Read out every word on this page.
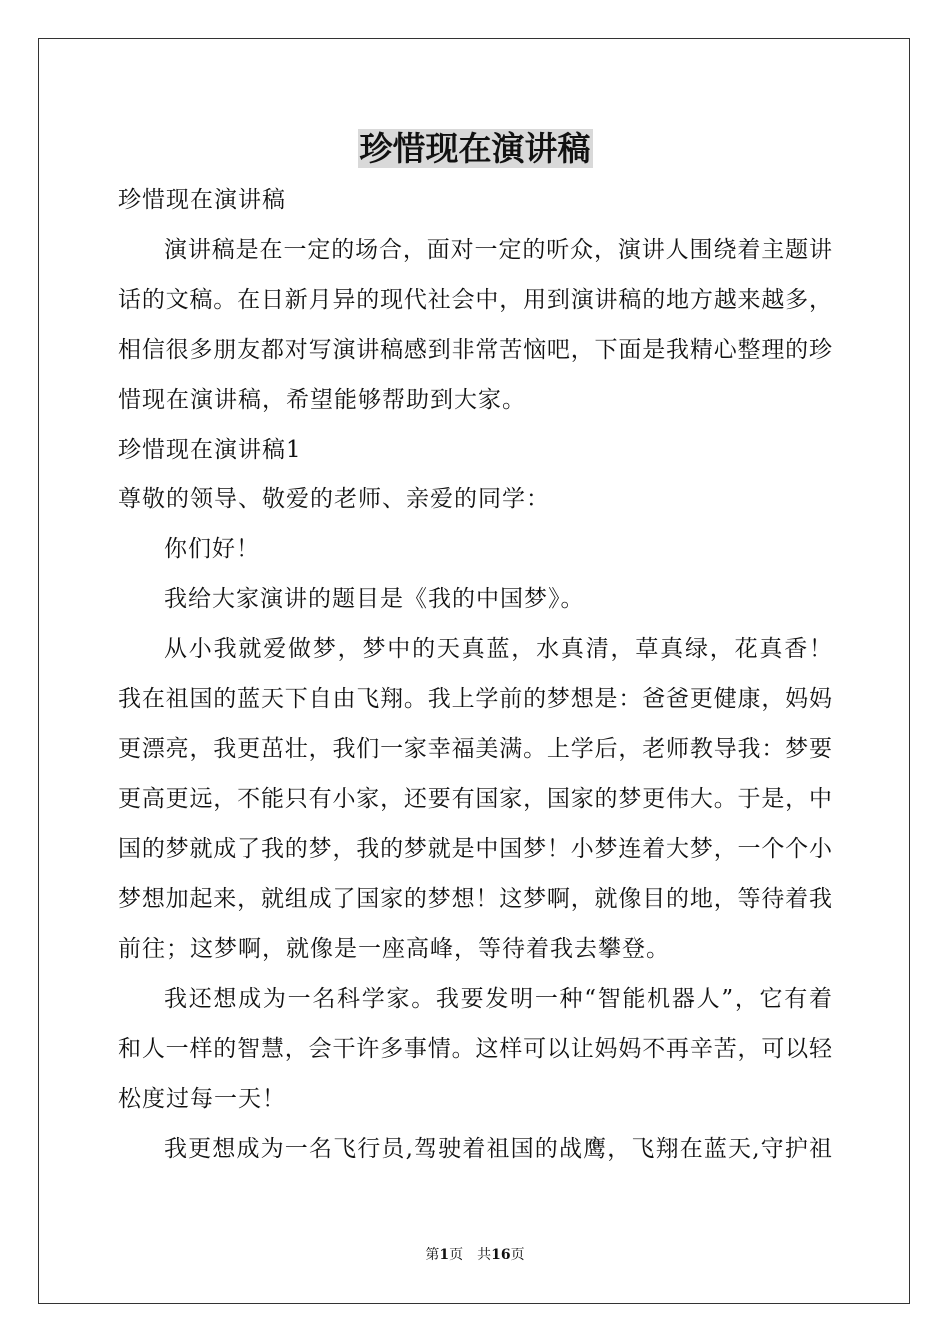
珍惜现在演讲稿
珍惜现在演讲稿
演讲稿是在一定的场合，面对一定的听众，演讲人围绕着主题讲
话的文稿。在日新月异的现代社会中，用到演讲稿的地方越来越多，
相信很多朋友都对写演讲稿感到非常苦恼吧，下面是我精心整理的珍
惜现在演讲稿，希望能够帮助到大家。
珍惜现在演讲稿1
尊敬的领导、敬爱的老师、亲爱的同学：
你们好！
我给大家演讲的题目是《我的中国梦》。
从小我就爱做梦，梦中的天真蓝，水真清，草真绿，花真香！
我在祖国的蓝天下自由飞翔。我上学前的梦想是：爸爸更健康，妈妈
更漂亮，我更茁壮，我们一家幸福美满。上学后，老师教导我：梦要
更高更远，不能只有小家，还要有国家，国家的梦更伟大。于是，中
国的梦就成了我的梦，我的梦就是中国梦！小梦连着大梦，一个个小
梦想加起来，就组成了国家的梦想！这梦啊，就像目的地，等待着我
前往；这梦啊，就像是一座高峰，等待着我去攀登。
我还想成为一名科学家。我要发明一种“智能机器人”，它有着
和人一样的智慧，会干许多事情。这样可以让妈妈不再辛苦，可以轻
松度过每一天！
我更想成为一名飞行员,驾驶着祖国的战鹰，飞翔在蓝天,守护祖
第1页 共16页
